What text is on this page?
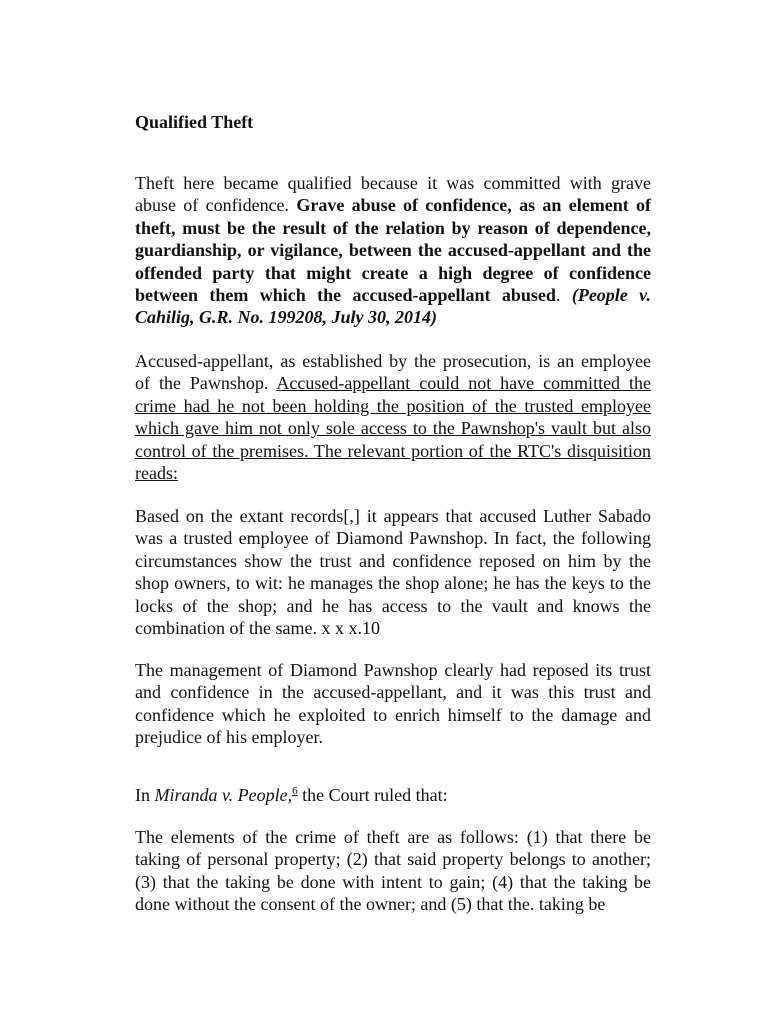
Qualified Theft
Theft here became qualified because it was committed with grave abuse of confidence. Grave abuse of confidence, as an element of theft, must be the result of the relation by reason of dependence, guardianship, or vigilance, between the accused-appellant and the offended party that might create a high degree of confidence between them which the accused-appellant abused. (People v. Cahilig, G.R. No. 199208, July 30, 2014)
Accused-appellant, as established by the prosecution, is an employee of the Pawnshop. Accused-appellant could not have committed the crime had he not been holding the position of the trusted employee which gave him not only sole access to the Pawnshop's vault but also control of the premises. The relevant portion of the RTC's disquisition reads:
Based on the extant records[,] it appears that accused Luther Sabado was a trusted employee of Diamond Pawnshop. In fact, the following circumstances show the trust and confidence reposed on him by the shop owners, to wit: he manages the shop alone; he has the keys to the locks of the shop; and he has access to the vault and knows the combination of the same. x x x.10
The management of Diamond Pawnshop clearly had reposed its trust and confidence in the accused-appellant, and it was this trust and confidence which he exploited to enrich himself to the damage and prejudice of his employer.
In Miranda v. People,$^6$ the Court ruled that:
The elements of the crime of theft are as follows: (1) that there be taking of personal property; (2) that said property belongs to another; (3) that the taking be done with intent to gain; (4) that the taking be done without the consent of the owner; and (5) that the. taking be
